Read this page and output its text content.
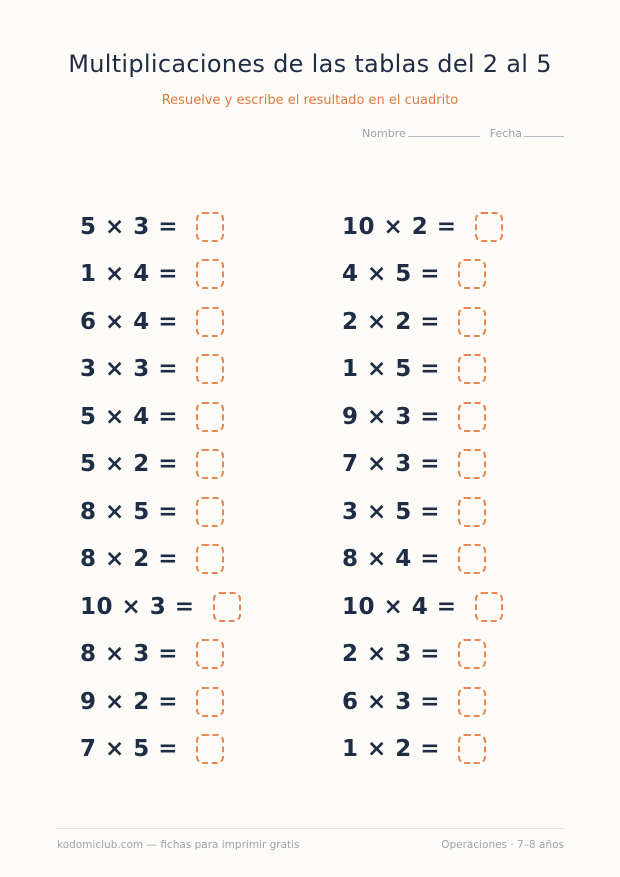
Multiplicaciones de las tablas del 2 al 5
Resuelve y escribe el resultado en el cuadrito
Nombre	Fecha
5 × 3 =
1 × 4 =
6 × 4 =
3 × 3 =
5 × 4 =
5 × 2 =
8 × 5 =
8 × 2 =
10 × 3 =
8 × 3 =
9 × 2 =
7 × 5 =
10 × 2 =
4 × 5 =
2 × 2 =
1 × 5 =
9 × 3 =
7 × 3 =
3 × 5 =
8 × 4 =
10 × 4 =
2 × 3 =
6 × 3 =
1 × 2 =
kodomiclub.com — fichas para imprimir gratis	Operaciones · 7–8 años
